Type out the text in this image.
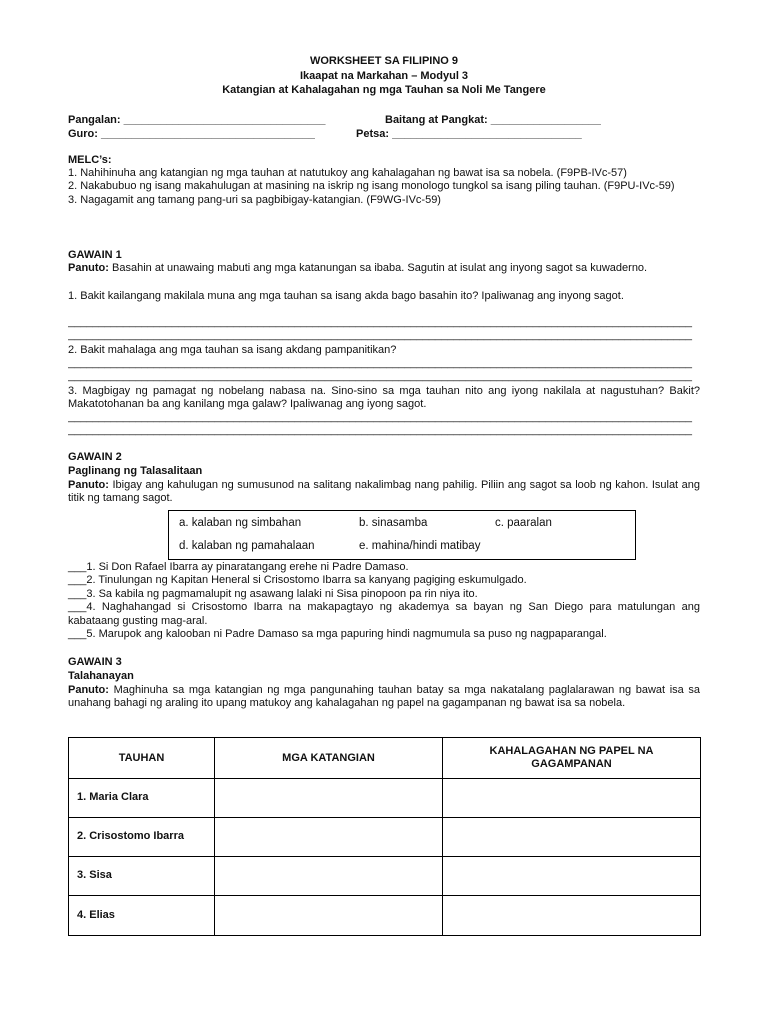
WORKSHEET SA FILIPINO 9
Ikaapat na Markahan – Modyul 3
Katangian at Kahalagahan ng mga Tauhan sa Noli Me Tangere
Pangalan: _________________________________	Baitang at Pangkat: __________________
Guro: ___________________________________	Petsa: _______________________________
MELC’s:
1. Nahihinuha ang katangian ng mga tauhan at natutukoy ang kahalagahan ng bawat isa sa nobela. (F9PB-IVc-57)
2. Nakabubuo ng isang makahulugan at masining na iskrip ng isang monologo tungkol sa isang piling tauhan. (F9PU-IVc-59)
3. Nagagamit ang tamang pang-uri sa pagbibigay-katangian. (F9WG-IVc-59)
GAWAIN 1
Panuto: Basahin at unawaing mabuti ang mga katanungan sa ibaba. Sagutin at isulat ang inyong sagot sa kuwaderno.
1. Bakit kailangang makilala muna ang mga tauhan sa isang akda bago basahin ito? Ipaliwanag ang inyong sagot.
______________________________________________________________________________________________________
______________________________________________________________________________________________________
2. Bakit mahalaga ang mga tauhan sa isang akdang pampanitikan?
______________________________________________________________________________________________________
______________________________________________________________________________________________________
3. Magbigay ng pamagat ng nobelang nabasa na. Sino-sino sa mga tauhan nito ang iyong nakilala at nagustuhan? Bakit? Makatotohanan ba ang kanilang mga galaw? Ipaliwanag ang iyong sagot.
______________________________________________________________________________________________________
______________________________________________________________________________________________________
GAWAIN 2
Paglinang ng Talasalitaan
Panuto: Ibigay ang kahulugan ng sumusunod na salitang nakalimbag nang pahilig. Piliin ang sagot sa loob ng kahon. Isulat ang titik ng tamang sagot.
a. kalaban ng simbahan	b. sinasamba	c. paaralan
d. kalaban ng pamahalaan	e. mahina/hindi matibay
___1. Si Don Rafael Ibarra ay pinaratangang erehe ni Padre Damaso.
___2. Tinulungan ng Kapitan Heneral si Crisostomo Ibarra sa kanyang pagiging eskumulgado.
___3. Sa kabila ng pagmamalupit ng asawang lalaki ni Sisa pinopoon pa rin niya ito.
___4. Naghahangad si Crisostomo Ibarra na makapagtayo ng akademya sa bayan ng San Diego para matulungan ang kabataang gusting mag-aral.
___5. Marupok ang kalooban ni Padre Damaso sa mga papuring hindi nagmumula sa puso ng nagpaparangal.
GAWAIN 3
Talahanayan
Panuto: Maghinuha sa mga katangian ng mga pangunahing tauhan batay sa mga nakatalang paglalarawan ng bawat isa sa unahang bahagi ng araling ito upang matukoy ang kahalagahan ng papel na gagampanan ng bawat isa sa nobela.
TAUHAN	MGA KATANGIAN	KAHALAGAHAN NG PAPEL NA GAGAMPANAN
1. Maria Clara		
2. Crisostomo Ibarra		
3. Sisa		
4. Elias		
